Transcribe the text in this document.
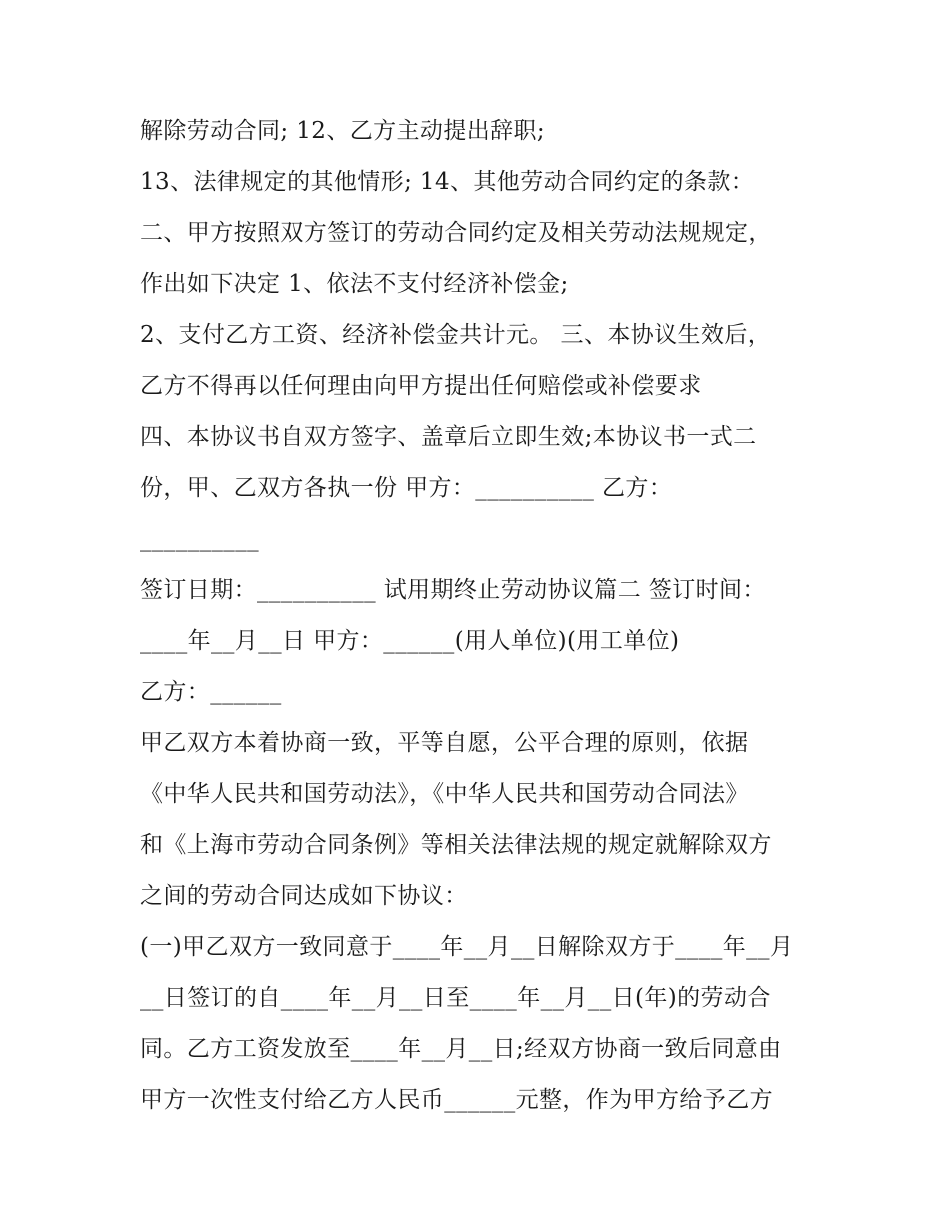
解除劳动合同; 12、乙方主动提出辞职;
13、法律规定的其他情形; 14、其他劳动合同约定的条款：
二、甲方按照双方签订的劳动合同约定及相关劳动法规规定，
作出如下决定 1、依法不支付经济补偿金;
2、支付乙方工资、经济补偿金共计元。 三、本协议生效后，
乙方不得再以任何理由向甲方提出任何赔偿或补偿要求
四、本协议书自双方签字、盖章后立即生效;本协议书一式二
份，甲、乙双方各执一份 甲方：__________ 乙方：
__________
签订日期：__________ 试用期终止劳动协议篇二 签订时间：
____年__月__日 甲方：______(用人单位)(用工单位)
乙方：______
甲乙双方本着协商一致，平等自愿，公平合理的原则，依据
《中华人民共和国劳动法》，《中华人民共和国劳动合同法》
和《上海市劳动合同条例》等相关法律法规的规定就解除双方
之间的劳动合同达成如下协议：
(一)甲乙双方一致同意于____年__月__日解除双方于____年__月
__日签订的自____年__月__日至____年__月__日(年)的劳动合
同。乙方工资发放至____年__月__日;经双方协商一致后同意由
甲方一次性支付给乙方人民币______元整，作为甲方给予乙方
